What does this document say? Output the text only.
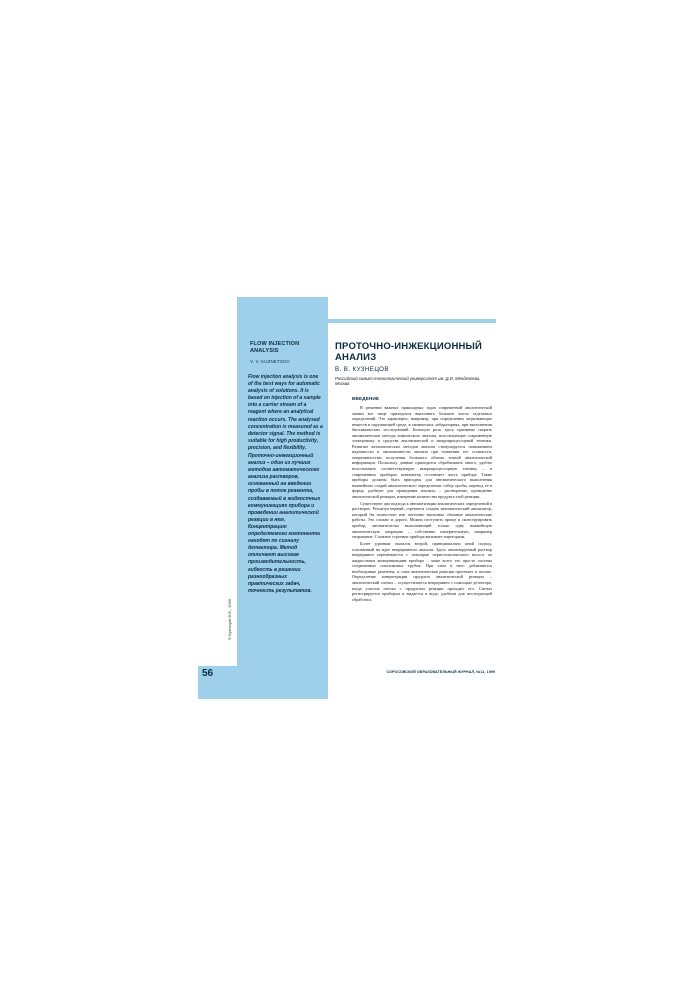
FLOW INJECTION ANALYSIS
V. V. KUZNETSOV
Flow injection analysis is one of the best ways for automatic analysis of solutions. It is based on injection of a sample into a carrier stream of a reagent where an analytical reaction occurs. The analysed concentration is measured as a detector signal. The method is suitable for high productivity, precision, and flexibility.
Проточно-инжекционный анализ – один из лучших методов автоматического анализа растворов, основанный на введении пробы в поток реагента, создаваемый в жидкостных коммуникациях прибора и проведении аналитической реакции в нем. Концентрацию определяемого компонента находят по сигналу детектора. Метод отличают высокая производительность, гибкость в решении разнообразных практических задач, точность результатов.
© Кузнецов В.В., 1999
56
ПРОТОЧНО-ИНЖЕКЦИОННЫЙ АНАЛИЗ
В. В. КУЗНЕЦОВ
Российский химико-технологический университет им. Д.И. Менделеева, Москва
ВВЕДЕНИЕ

В решении важных прикладных задач современной аналитической химии все чаще приходится выполнять большое число отдельных определений. Это характерно, например, при определении загрязняющих веществ в окружающей среде, в химических лабораториях, при выполнении биохимических исследований. Большую роль здесь призваны сыграть автоматические методы химического анализа, использующие современную электронику и средства аналитической и микропроцессорной техники. Развитие автоматических методов анализа стимулируется повышением надежности и экономичности анализа при снижении его стоимости, оперативностью получения большого объема точной аналитической информации. Поскольку данные приходится обрабатывать много, удобно использовать соответствующую микропроцессорную технику – в современных приборах компьютер составляет часть прибора. Такие приборы должны быть пригодны для автоматического выполнения важнейших стадий аналитического определения: отбор пробы, перевод ее в форму, удобную для проведения анализа, – растворение, проведение аналитической реакции, измерение количества продукта этой реакции.

Существуют два подхода к автоматизации аналитических определений в растворах. Реализуя первый, стремятся создать автоматический анализатор, который бы полностью или частично выполнял обычные аналитические работы. Это сложно и дорого. Можно поступить проще и сконструировать прибор, автоматически выполняющий только одну важнейшую аналитическую операцию – собственно измерительную, например титрование. Сложное строение прибора вызывает тиреторизм.

Более удачным оказался второй, принципиально иной подход, основанный на идее непрерывного анализа. Здесь анализируемый раствор непрерывно перемешается с помощью перистальтического насоса по жидкостным коммуникациям прибора – чаще всего это просто система соединенных пластиковых трубок. При этом в него добавляются необходимые реагенты, и сама аналитическая реакция протекает в потоке. Определение концентрации продукта аналитической реакции – аналитический сигнал – осуществляется непрерывно с помощью детектора, когда участок потока с продуктом реакции проходит его. Сигнал регистрируется прибором и выдается в виде, удобном для последующей обработки.

СОРОСОВСКИЙ ОБРАЗОВАТЕЛЬНЫЙ ЖУРНАЛ, №11, 1999
